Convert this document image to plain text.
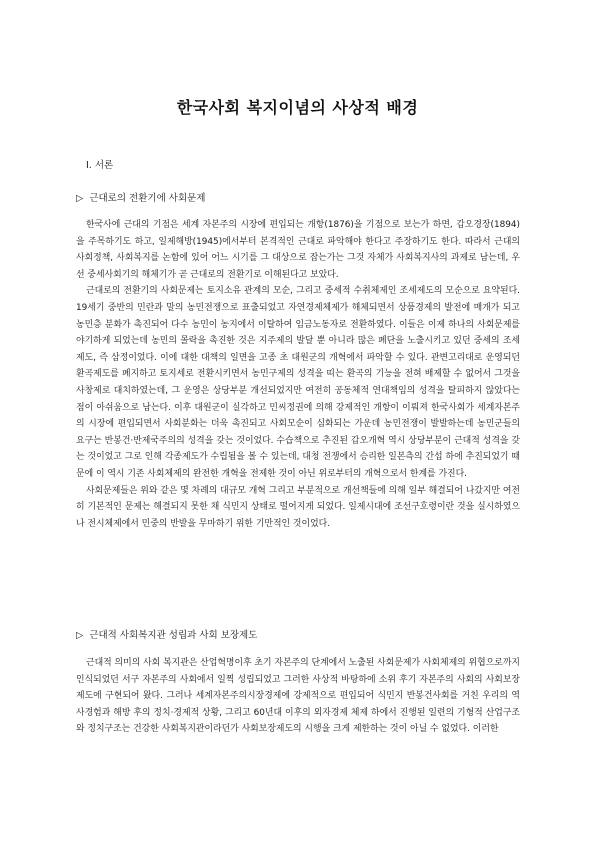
한국사회 복지이념의 사상적 배경
Ⅰ. 서론
▷ 근대로의 전환기에 사회문제

한국사에 근대의 기점은 세계 자본주의 시장에 편입되는 개항(1876)을 기점으로 보는가 하면, 갑오경장(1894)을 주목하기도 하고, 일제해방(1945)에서부터 본격적인 근대로 파악해야 한다고 주장하기도 한다. 따라서 근대의 사회정책, 사회복지를 논함에 있어 어느 시기를 그 대상으로 잡는가는 그것 자체가 사회복지사의 과제로 남는데, 우선 중세사회기의 해체기가 곧 근대로의 전환기로 이해된다고 보았다.

근대로의 전환기의 사회문제는 토지소유 관계의 모순, 그리고 중세적 수취체제인 조세제도의 모순으로 요약된다. 19세기 중반의 민란과 말의 농민전쟁으로 표출되었고 자연경제체제가 해체되면서 상품경제의 발전에 매개가 되고 농민층 분화가 촉진되어 다수 농민이 농지에서 이탈하여 임금노동자로 전환하였다. 이들은 이제 하나의 사회문제를 야기하게 되었는데 농민의 몰락을 촉진한 것은 지주제의 발달 뿐 아니라 많은 폐단을 노출시키고 있던 중세의 조세제도, 즉 삼정이었다. 이에 대한 대책의 일면을 고종 초 대원군의 개혁에서 파악할 수 있다. 관변고리대로 운영되던 환곡제도를 폐지하고 토지세로 전환시키면서 농민구제의 성격을 띠는 환곡의 기능을 전혀 배제할 수 없어서 그것을 사창제로 대치하였는데, 그 운영은 상당부분 개선되었지만 여전히 공동체적 연대책임의 성격을 탈피하지 않았다는 점이 아쉬움으로 남는다. 이후 대원군이 실각하고 민씨정권에 의해 강제적인 개항이 이뤄져 한국사회가 세계자본주의 시장에 편입되면서 사회분화는 더욱 촉진되고 사회모순이 심화되는 가운데 농민전쟁이 발발하는데 농민군들의 요구는 반봉건·반제국주의의 성격을 갖는 것이었다. 수습책으로 추진된 갑오개혁 역시 상당부분이 근대적 성격을 갖는 것이었고 그로 인해 각종제도가 수립됨을 볼 수 있는데, 대청 전쟁에서 승리한 일본측의 간섭 하에 추진되었기 때문에 이 역시 기존 사회체제의 완전한 개혁을 전제한 것이 아닌 위로부터의 개혁으로서 한계를 가진다.

사회문제들은 위와 같은 몇 차례의 대규모 개혁 그리고 부분적으로 개선책들에 의해 일부 해결되어 나갔지만 여전히 기본적인 문제는 해결되지 못한 채 식민지 상태로 떨어지게 되었다. 일제시대에 조선구호령이란 것을 실시하였으나 전시체제에서 민중의 반발을 무마하기 위한 기만적인 것이었다.

▷ 근대적 사회복지관 성립과 사회 보장제도

근대적 의미의 사회 복지관은 산업혁명이후 초기 자본주의 단계에서 노출된 사회문제가 사회체제의 위협으로까지 인식되었던 서구 자본주의 사회에서 일찍 성립되었고 그러한 사상적 바탕하에 소위 후기 자본주의 사회의 사회보장제도에 구현되어 왔다. 그러나 세계자본주의시장경제에 강제적으로 편입되어 식민지 반봉건사회를 거친 우리의 역사경험과 해방 후의 정치·경제적 상황, 그리고 60년대 이후의 외자경제 체제 하에서 진행된 일련의 기형적 산업구조와 정치구조는 건강한 사회복지관이라던가 사회보장제도의 시행을 크게 제한하는 것이 아닐 수 없었다. 이러한
